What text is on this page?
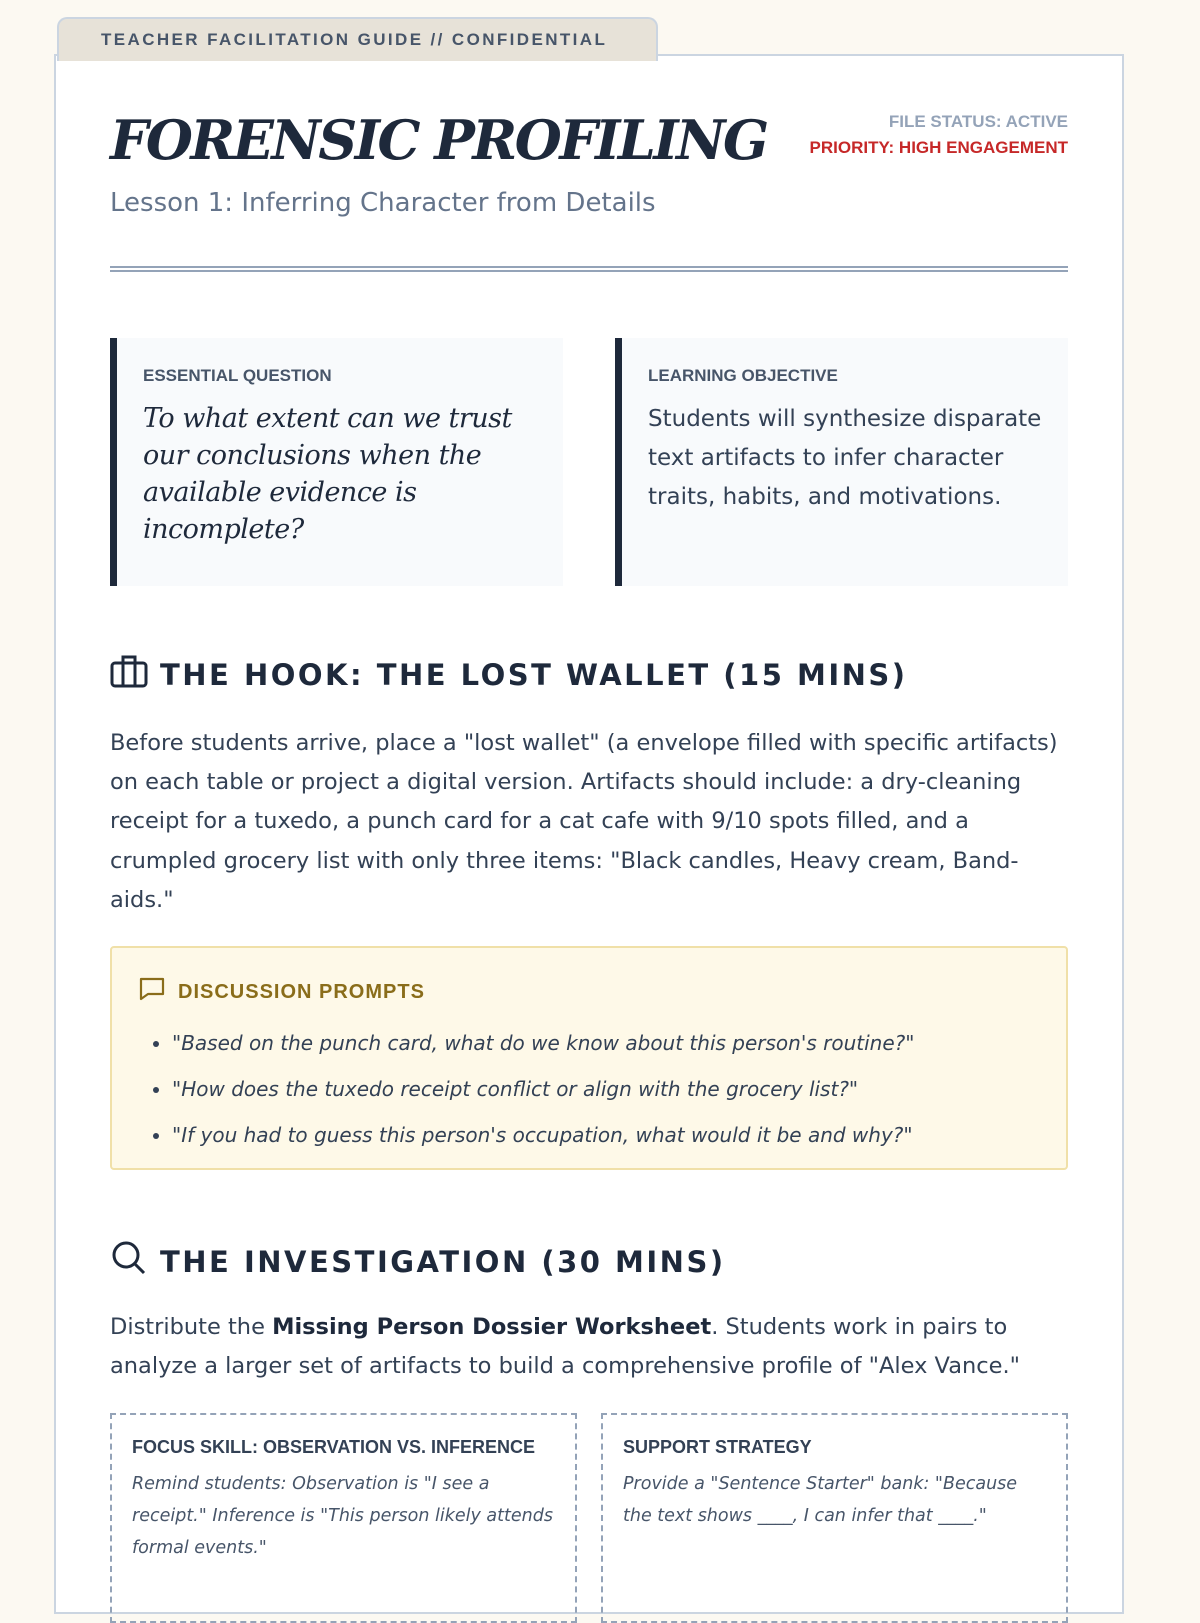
TEACHER FACILITATION GUIDE // CONFIDENTIAL
FORENSIC PROFILING
Lesson 1: Inferring Character from Details
FILE STATUS: ACTIVE
PRIORITY: HIGH ENGAGEMENT
ESSENTIAL QUESTION
To what extent can we trust our conclusions when the available evidence is incomplete?
LEARNING OBJECTIVE
Students will synthesize disparate text artifacts to infer character traits, habits, and motivations.
THE HOOK: THE LOST WALLET (15 MINS)
Before students arrive, place a "lost wallet" (a envelope filled with specific artifacts) on each table or project a digital version. Artifacts should include: a dry-cleaning receipt for a tuxedo, a punch card for a cat cafe with 9/10 spots filled, and a crumpled grocery list with only three items: "Black candles, Heavy cream, Band-aids."
DISCUSSION PROMPTS
• "Based on the punch card, what do we know about this person's routine?"
• "How does the tuxedo receipt conflict or align with the grocery list?"
• "If you had to guess this person's occupation, what would it be and why?"
THE INVESTIGATION (30 MINS)
Distribute the Missing Person Dossier Worksheet. Students work in pairs to analyze a larger set of artifacts to build a comprehensive profile of "Alex Vance."
FOCUS SKILL: OBSERVATION VS. INFERENCE
Remind students: Observation is "I see a receipt." Inference is "This person likely attends formal events."
SUPPORT STRATEGY
Provide a "Sentence Starter" bank: "Because the text shows ____, I can infer that ____."
